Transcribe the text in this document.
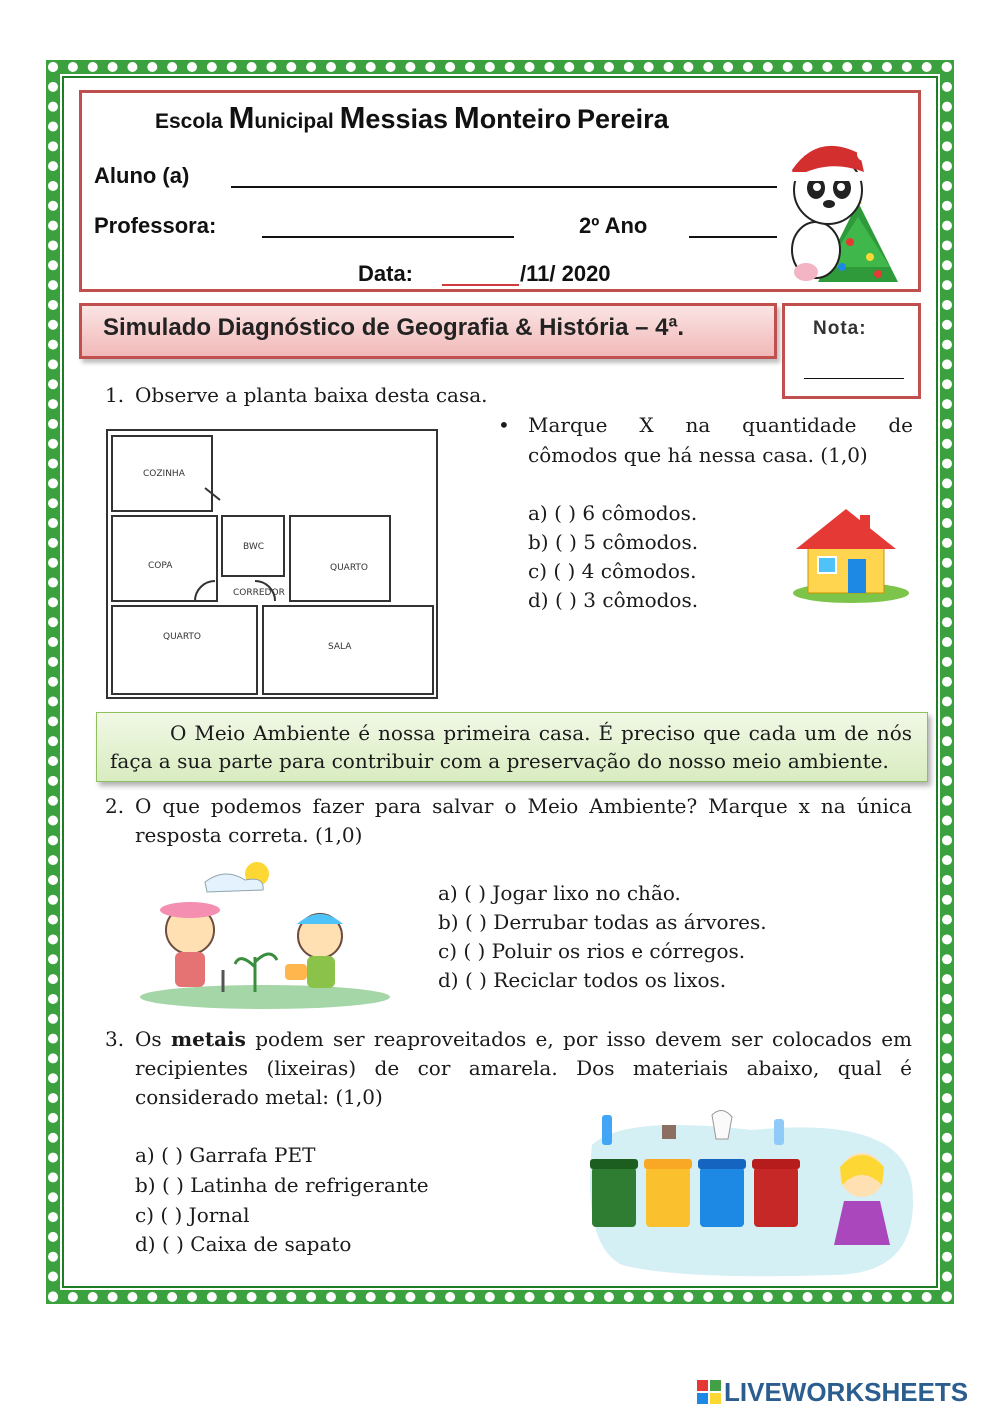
Escola Municipal Messias Monteiro Pereira
Aluno (a)
Professora:	2º Ano
Data:	/11/ 2020
Simulado Diagnóstico de Geografia & História – 4ª.	Nota:
1. Observe a planta baixa desta casa.
COZINHA
BWC
COPA	QUARTO
CORREDOR
QUARTO
SALA
• Marque X na quantidade de
cômodos que há nessa casa. (1,0)
a) ( ) 6 cômodos.
b) ( ) 5 cômodos.
c) ( ) 4 cômodos.
d) ( ) 3 cômodos.
O Meio Ambiente é nossa primeira casa. É preciso que cada um de nós
faça a sua parte para contribuir com a preservação do nosso meio ambiente.
2. O que podemos fazer para salvar o Meio Ambiente? Marque x na única
resposta correta. (1,0)
a) ( ) Jogar lixo no chão.
b) ( ) Derrubar todas as árvores.
c) ( ) Poluir os rios e córregos.
d) ( ) Reciclar todos os lixos.
3. Os metais podem ser reaproveitados e, por isso devem ser colocados em
recipientes (lixeiras) de cor amarela. Dos materiais abaixo, qual é
considerado metal: (1,0)
a) ( ) Garrafa PET
b) ( ) Latinha de refrigerante
c) ( ) Jornal
d) ( ) Caixa de sapato
LIVEWORKSHEETS
